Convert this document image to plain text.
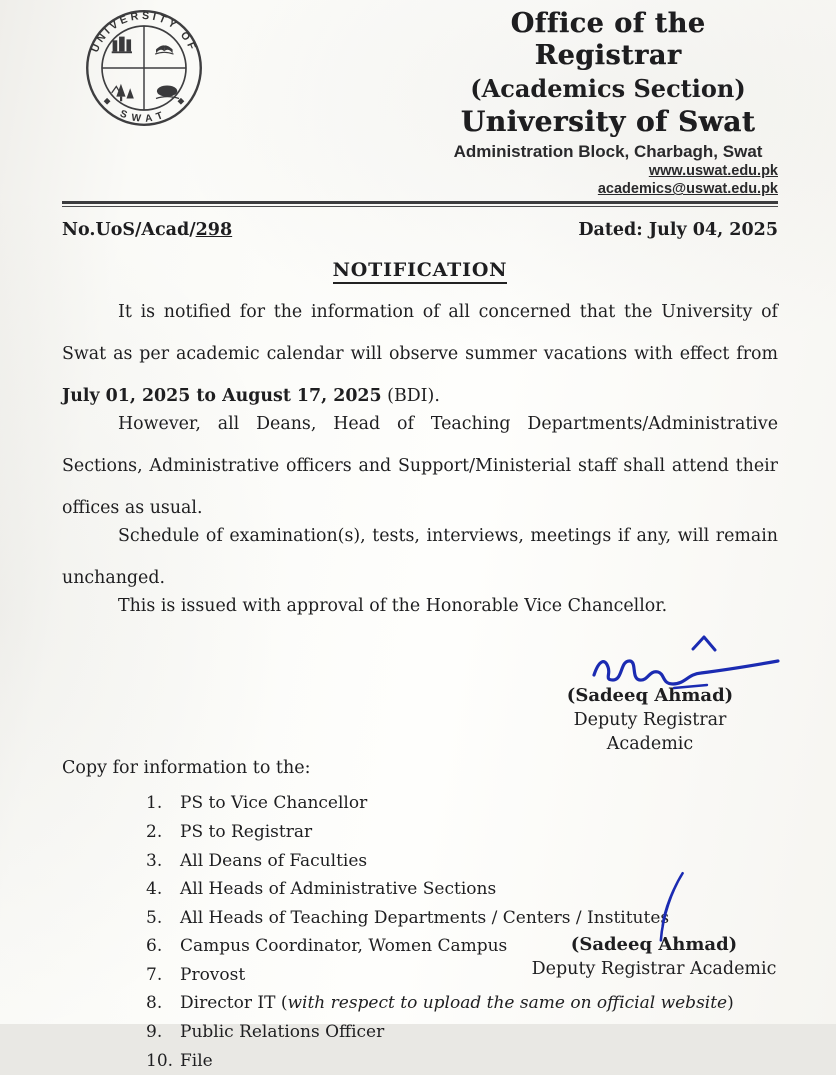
UNIVERSITY OF
SWAT
Office of the Registrar
(Academics Section)
University of Swat
Administration Block, Charbagh, Swat
www.uswat.edu.pk
academics@uswat.edu.pk
No.UoS/Acad/298	Dated: July 04, 2025
NOTIFICATION

It is notified for the information of all concerned that the University of Swat as per academic calendar will observe summer vacations with effect from July 01, 2025 to August 17, 2025 (BDI).

However, all Deans, Head of Teaching Departments/Administrative Sections, Administrative officers and Support/Ministerial staff shall attend their offices as usual.

Schedule of examination(s), tests, interviews, meetings if any, will remain unchanged.

This is issued with approval of the Honorable Vice Chancellor.

(Sadeeq Ahmad)
Deputy Registrar Academic
Copy for information to the:
PS to Vice Chancellor
PS to Registrar
All Deans of Faculties
All Heads of Administrative Sections
All Heads of Teaching Departments / Centers / Institutes
Campus Coordinator, Women Campus
Provost
Director IT (with respect to upload the same on official website)
Public Relations Officer
File
(Sadeeq Ahmad)
Deputy Registrar Academic
